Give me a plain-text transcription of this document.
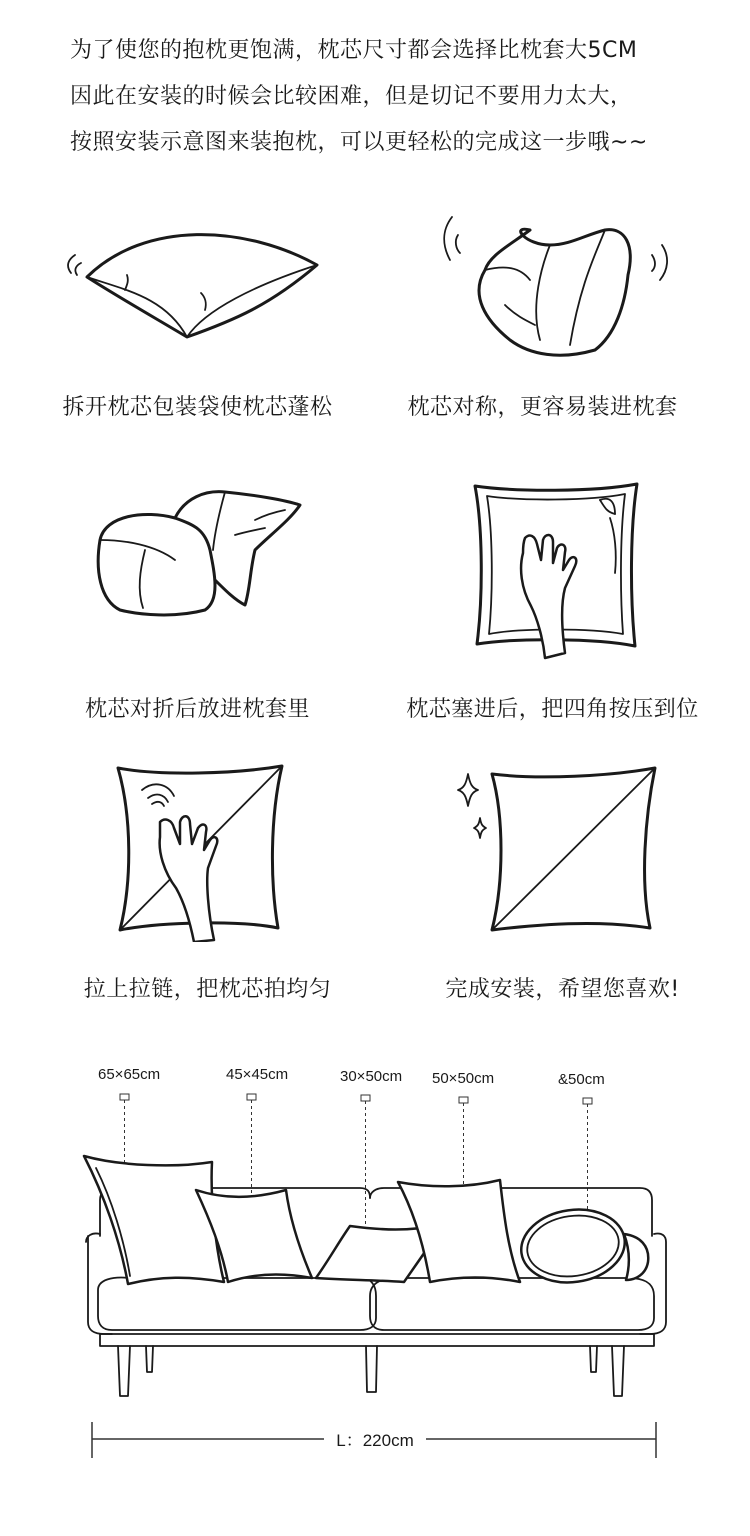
为了使您的抱枕更饱满，枕芯尺寸都会选择比枕套大5CM

因此在安装的时候会比较困难，但是切记不要用力太大，

按照安装示意图来装抱枕，可以更轻松的完成这一步哦~~

拆开枕芯包装袋使枕芯蓬松	枕芯对称，更容易装进枕套
枕芯对折后放进枕套里	枕芯塞进后，把四角按压到位
拉上拉链，把枕芯拍均匀	完成安装，希望您喜欢!
65×65cm	45×45cm	30×50cm 50×50cm	&50cm
L：220cm
